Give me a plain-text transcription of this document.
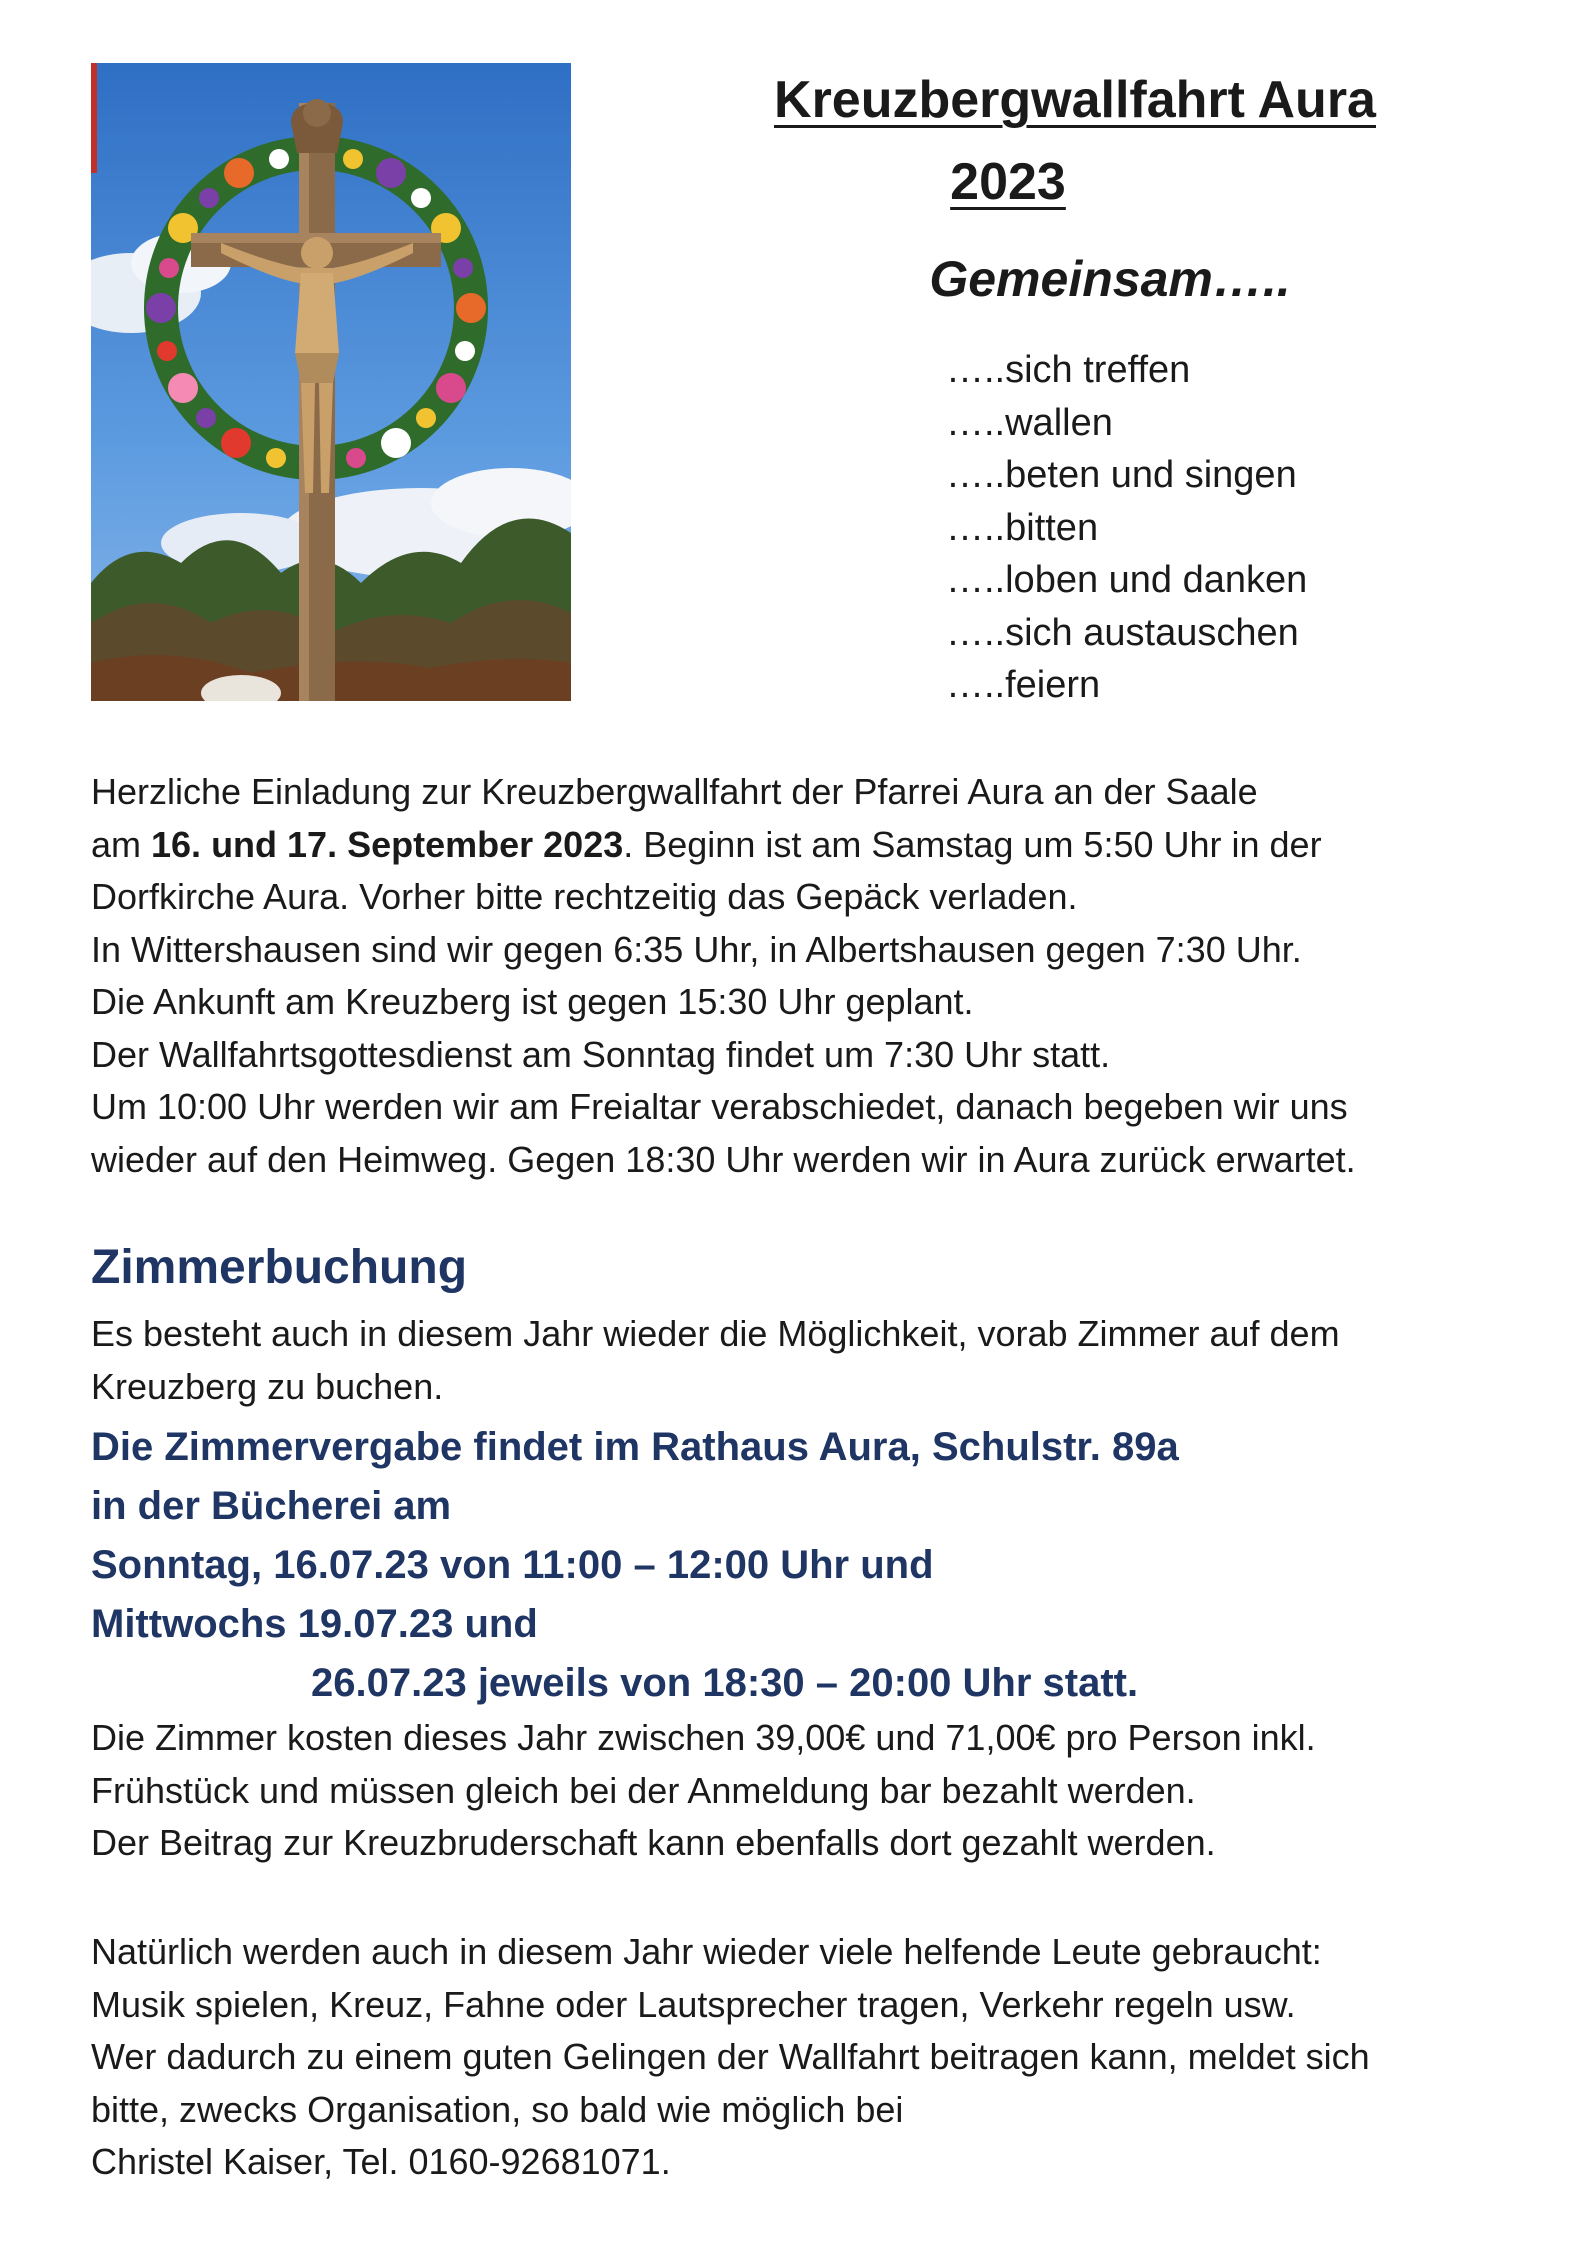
Kreuzbergwallfahrt Aura
2023

Gemeinsam…..

…..sich treffen
…..wallen
…..beten und singen
…..bitten
…..loben und danken
…..sich austauschen
…..feiern

Herzliche Einladung zur Kreuzbergwallfahrt der Pfarrei Aura an der Saale

am 16. und 17. September 2023. Beginn ist am Samstag um 5:50 Uhr in der

Dorfkirche Aura. Vorher bitte rechtzeitig das Gepäck verladen.

In Wittershausen sind wir gegen 6:35 Uhr, in Albertshausen gegen 7:30 Uhr.

Die Ankunft am Kreuzberg ist gegen 15:30 Uhr geplant.

Der Wallfahrtsgottesdienst am Sonntag findet um 7:30 Uhr statt.

Um 10:00 Uhr werden wir am Freialtar verabschiedet, danach begeben wir uns

wieder auf den Heimweg. Gegen 18:30 Uhr werden wir in Aura zurück erwartet.

Zimmerbuchung

Es besteht auch in diesem Jahr wieder die Möglichkeit, vorab Zimmer auf dem

Kreuzberg zu buchen.

Die Zimmervergabe findet im Rathaus Aura, Schulstr. 89a

in der Bücherei am

Sonntag, 16.07.23 von 11:00 – 12:00 Uhr und

Mittwochs 19.07.23 und

26.07.23 jeweils von 18:30 – 20:00 Uhr statt.

Die Zimmer kosten dieses Jahr zwischen 39,00€ und 71,00€ pro Person inkl.

Frühstück und müssen gleich bei der Anmeldung bar bezahlt werden.

Der Beitrag zur Kreuzbruderschaft kann ebenfalls dort gezahlt werden.

Natürlich werden auch in diesem Jahr wieder viele helfende Leute gebraucht:

Musik spielen, Kreuz, Fahne oder Lautsprecher tragen, Verkehr regeln usw.

Wer dadurch zu einem guten Gelingen der Wallfahrt beitragen kann, meldet sich

bitte, zwecks Organisation, so bald wie möglich bei

Christel Kaiser, Tel. 0160-92681071.
